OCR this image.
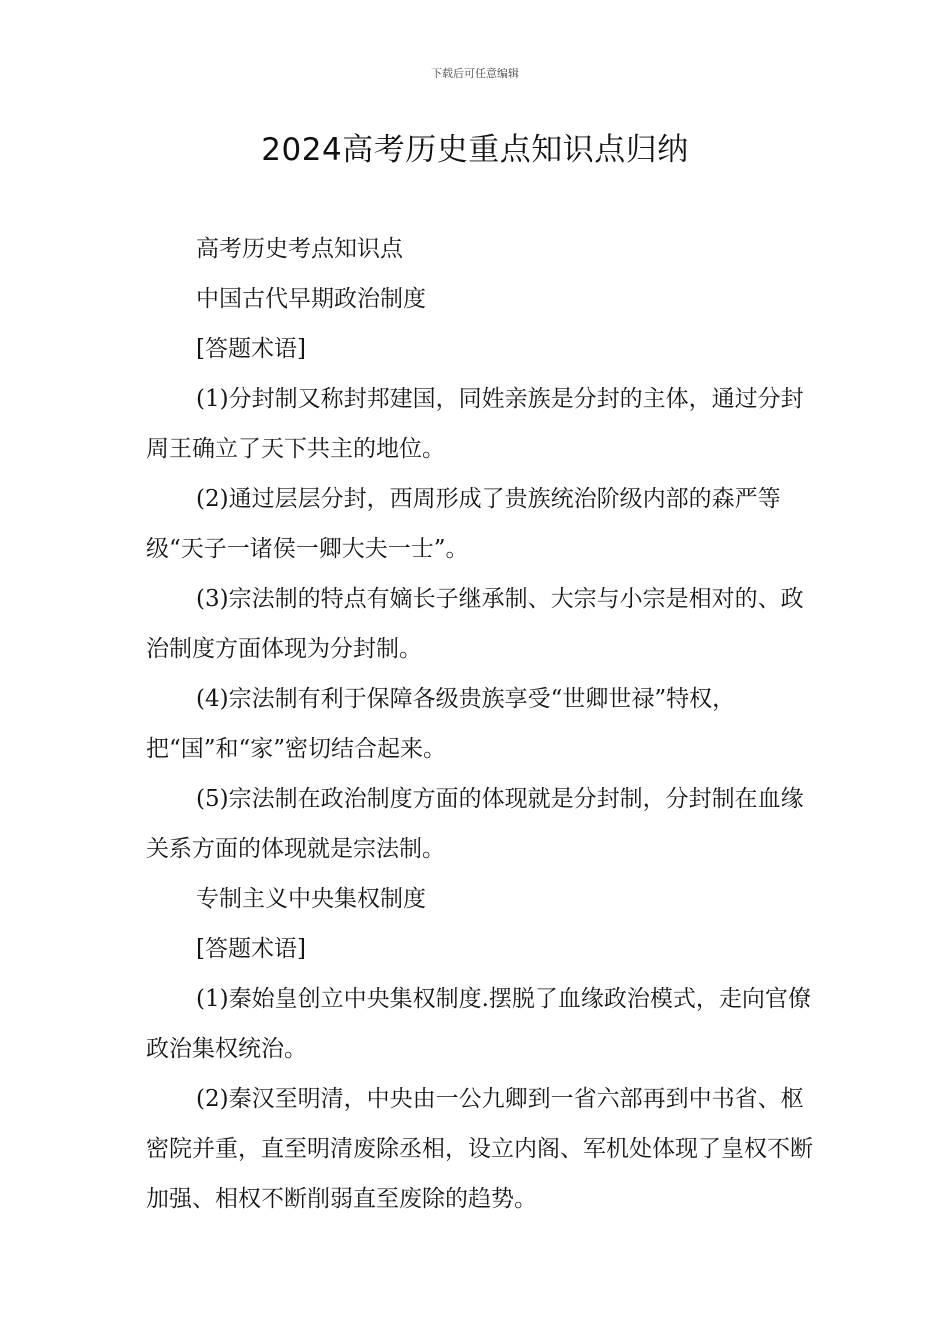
下载后可任意编辑
2024高考历史重点知识点归纳

高考历史考点知识点

中国古代早期政治制度

[答题术语]

(1)分封制又称封邦建国，同姓亲族是分封的主体，通过分封周王确立了天下共主的地位。

(2)通过层层分封，西周形成了贵族统治阶级内部的森严等级“天子一诸侯一卿大夫一士”。

(3)宗法制的特点有嫡长子继承制、大宗与小宗是相对的、政治制度方面体现为分封制。

(4)宗法制有利于保障各级贵族享受“世卿世禄”特权，把“国”和“家”密切结合起来。

(5)宗法制在政治制度方面的体现就是分封制，分封制在血缘关系方面的体现就是宗法制。

专制主义中央集权制度

[答题术语]

(1)秦始皇创立中央集权制度.摆脱了血缘政治模式，走向官僚政治集权统治。

(2)秦汉至明清，中央由一公九卿到一省六部再到中书省、枢密院并重，直至明清废除丞相，设立内阁、军机处体现了皇权不断加强、相权不断削弱直至废除的趋势。
